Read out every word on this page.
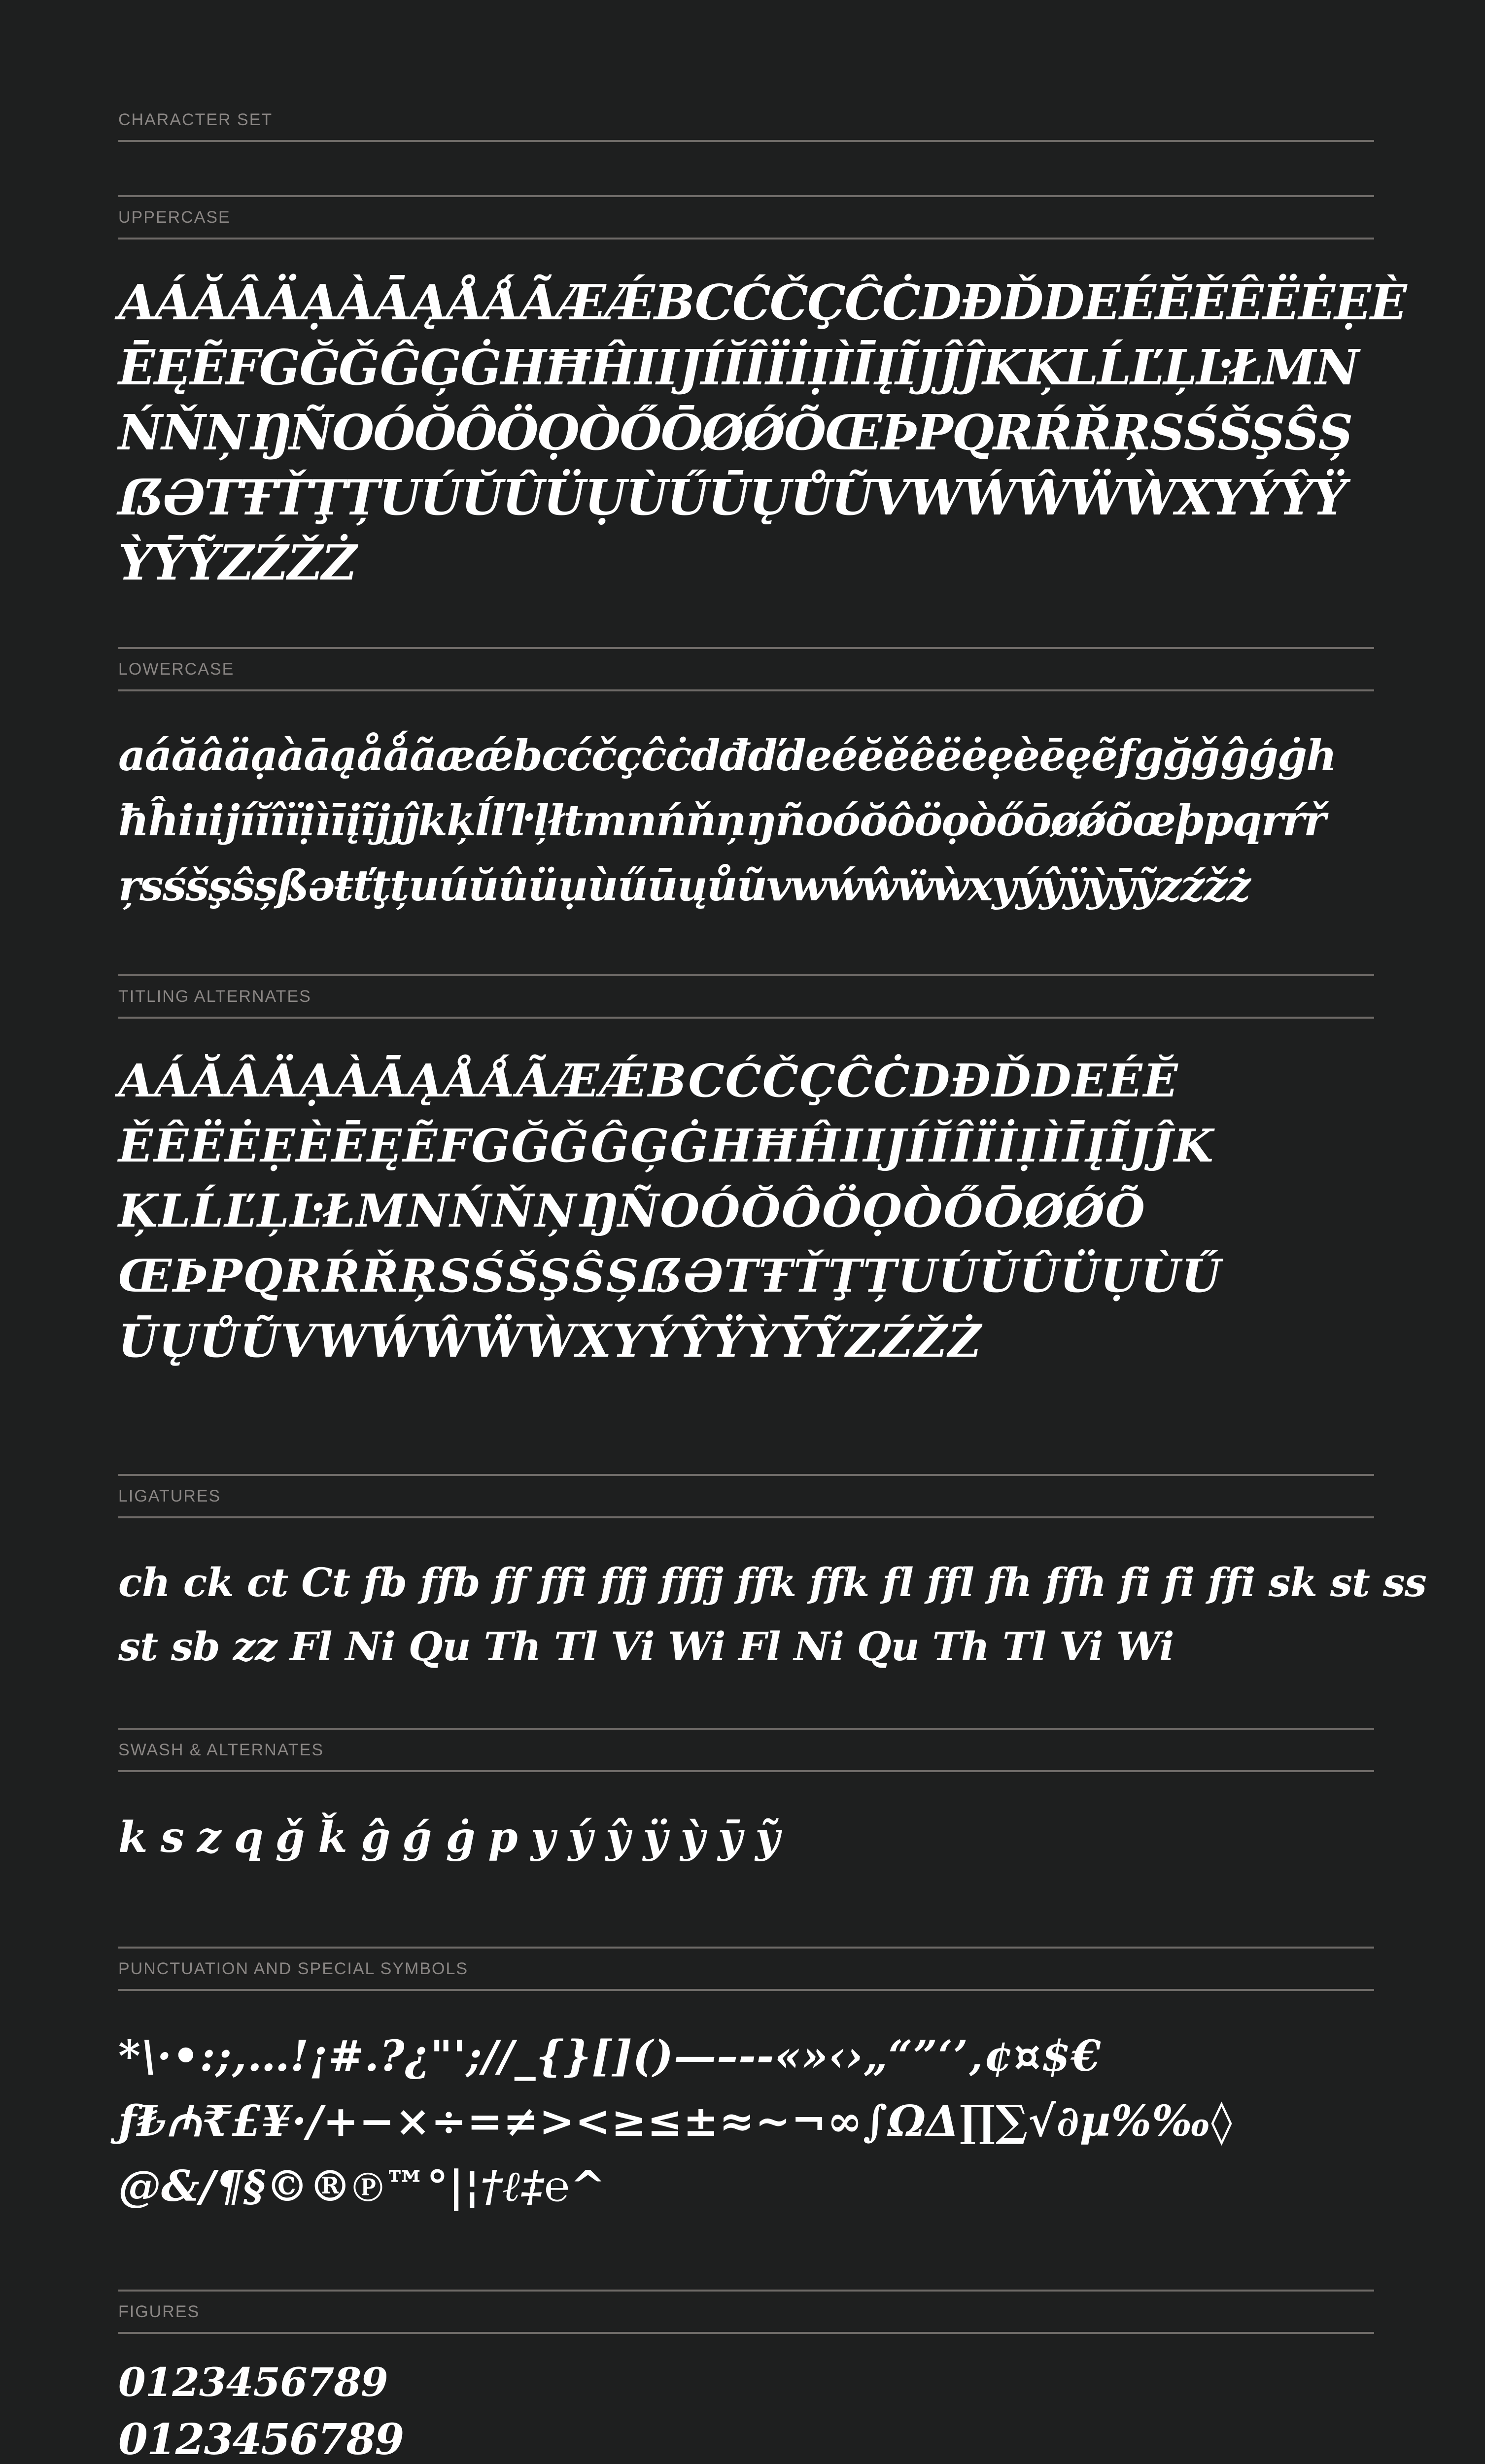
CHARACTER SET
UPPERCASE
AÁĂÂÄẠÀĀĄÅǺÃÆǼBCĆČÇĈĊDĐĎDEÉĔĚÊËĖẸÈ
ĒĘẼFGĞǦĜĢĠHĦĤIĲÍĬÎÏİỊÌĪĮĨJĴĴKĶLĹĽĻĿŁMN
ŃŇŅŊÑOÓŎÔÖỌÒŐŌØǾÕŒÞPQRŔŘŖSŚŠŞŜȘ
ẞƏTŦŤŢȚUÚŬÛÜỤÙŰŪŲŮŨVWẂŴẄẀXYÝŶŸ
ỲȲỸZŹŽŻ
LOWERCASE
aáăâäạàāąåǻãæǽbcćčçĉċdđďdeéĕěêëėẹèēęẽfgğǧĝģġh
ħĥiıĳíĭîïịìīįĩjȷĵkķĺľŀļłtmnńňņŋñoóŏôöọòőōøǿõœþpqrŕř
ŗsśšşŝșßəŧťţțuúŭûüụùűūųůũvwẃŵẅẁxyýŷÿỳȳỹzźžż
TITLING ALTERNATES
AÁĂÂÄẠÀĀĄÅǺÃÆǼBCĆČÇĈĊDĐĎDEÉĔ
ĚÊËĖẸÈĒĘẼFGĞǦĜĢĠHĦĤIĲÍĬÎÏİỊÌĪĮĨJĴK
ĶLĹĽĻĿŁMNŃŇŅŊÑOÓŎÔÖỌÒŐŌØǾÕ
ŒÞPQRŔŘŖSŚŠŞŜȘẞƏTŦŤŢȚUÚŬÛÜỤÙŰ
ŪŲŮŨVWẂŴẄẀXYÝŶŸỲȲỸZŹŽŻ
LIGATURES
ch ck ct Ct fb ffb ff ffi ffj fffj ffk ffk fl ffl fh ffh fi fi ffi sk st ss
st sb zz Fl Ni Qu Th Tl Vi Wi Fl Ni Qu Th Tl Vi Wi
SWASH & ALTERNATES
k s z q ǧ ǩ ĝ ǵ ġ p y ý ŷ ÿ ỳ ȳ ỹ
PUNCTUATION AND SPECIAL SYMBOLS
*\·•:;,…!¡#.?¿"';//_{}[]()—–-‐«»‹›„“”‘’‚¢¤$€
ƒ₺₼₹£¥·/+−×÷=≠><≥≤±≈~¬∞∫ΩΔ∏∑√∂µ%‰◊
@&/¶§©®℗™°|¦†ℓ‡℮^
FIGURES
0123456789
0123456789
